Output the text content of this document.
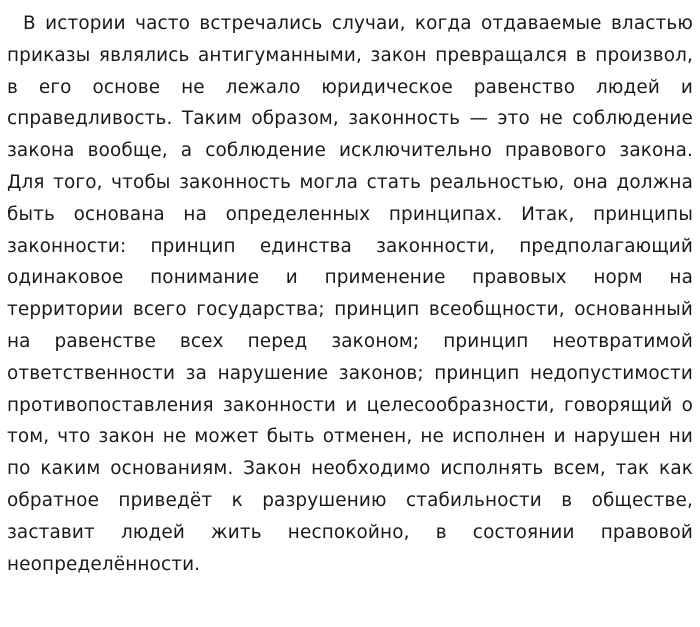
В истории часто встречались случаи, когда отдаваемые властью приказы являлись антигуманными, закон превращался в произвол, в его основе не лежало юридическое равенство людей и справедливость. Таким образом, законность — это не соблюдение закона вообще, а соблюдение исключительно правового закона. Для того, чтобы законность могла стать реальностью, она должна быть основана на определенных принципах. Итак, принципы законности: принцип единства законности, предполагающий одинаковое понимание и применение правовых норм на территории всего государства; принцип всеобщности, основанный на равенстве всех перед законом; принцип неотвратимой ответственности за нарушение законов; принцип недопустимости противопоставления законности и целесообразности, говорящий о том, что закон не может быть отменен, не исполнен и нарушен ни по каким основаниям. Закон необходимо исполнять всем, так как обратное приведёт к разрушению стабильности в обществе, заставит людей жить неспокойно, в состоянии правовой неопределённости.
